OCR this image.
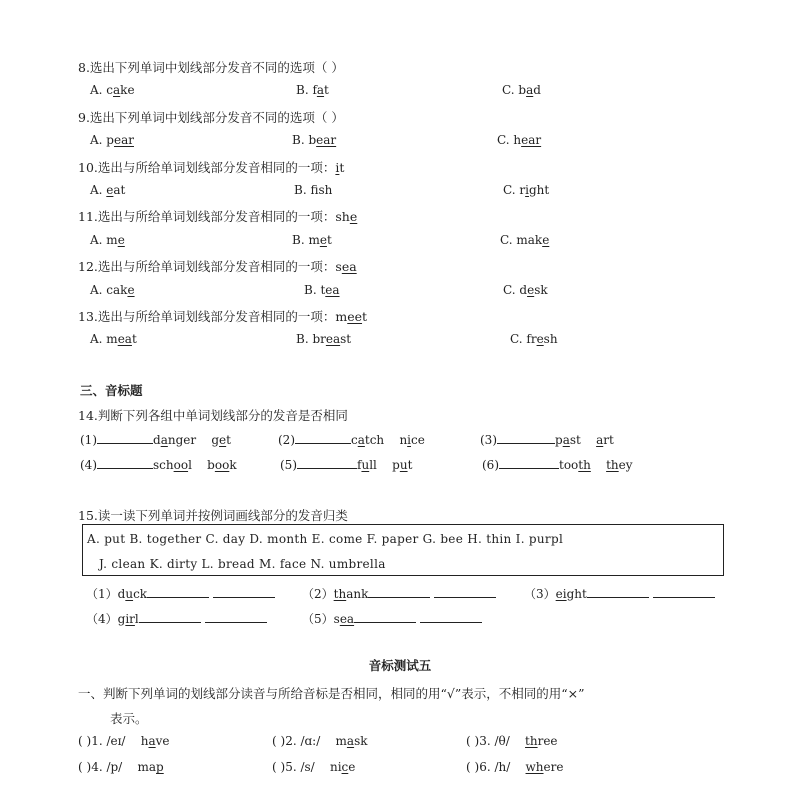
8.选出下列单词中划线部分发音不同的选项（ ）
A. cake	B. fat	C. bad
9.选出下列单词中划线部分发音不同的选项（ ）
A. pear	B. bear	C. hear
10.选出与所给单词划线部分发音相同的一项：it
A. eat	B. fsh	C. right
11.选出与所给单词划线部分发音相同的一项：she
A. me	B. met	C. make
12.选出与所给单词划线部分发音相同的一项：sea
A. cake	B. tea	C. desk
13.选出与所给单词划线部分发音相同的一项：meet
A. meat	B. breast	C. fresh
三、音标题
14.判断下列各组中单词划线部分的发音是否相同
(1)	danger get	(2)	catch nice	(3)	past art
(4)	school book	(5)	full put	(6)	tooth they
15.读一读下列单词并按例词画线部分的发音归类
A. put B. together C. day D. month E. come F. paper G. bee H. thin I. purpl
J. clean K. dirty L. bread M. face N. umbrella
（1）duck	（2）thank	（3）eight
（4）girl	（5）sea
音标测试五
一、判断下列单词的划线部分读音与所给音标是否相同，相同的用“√”表示，不相同的用“×”
表示。
( )1. /eɪ/ have	( )2. /ɑ:/ mask	( )3. /θ/ three
( )4. /p/ map	( )5. /s/ nice	( )6. /h/ where
